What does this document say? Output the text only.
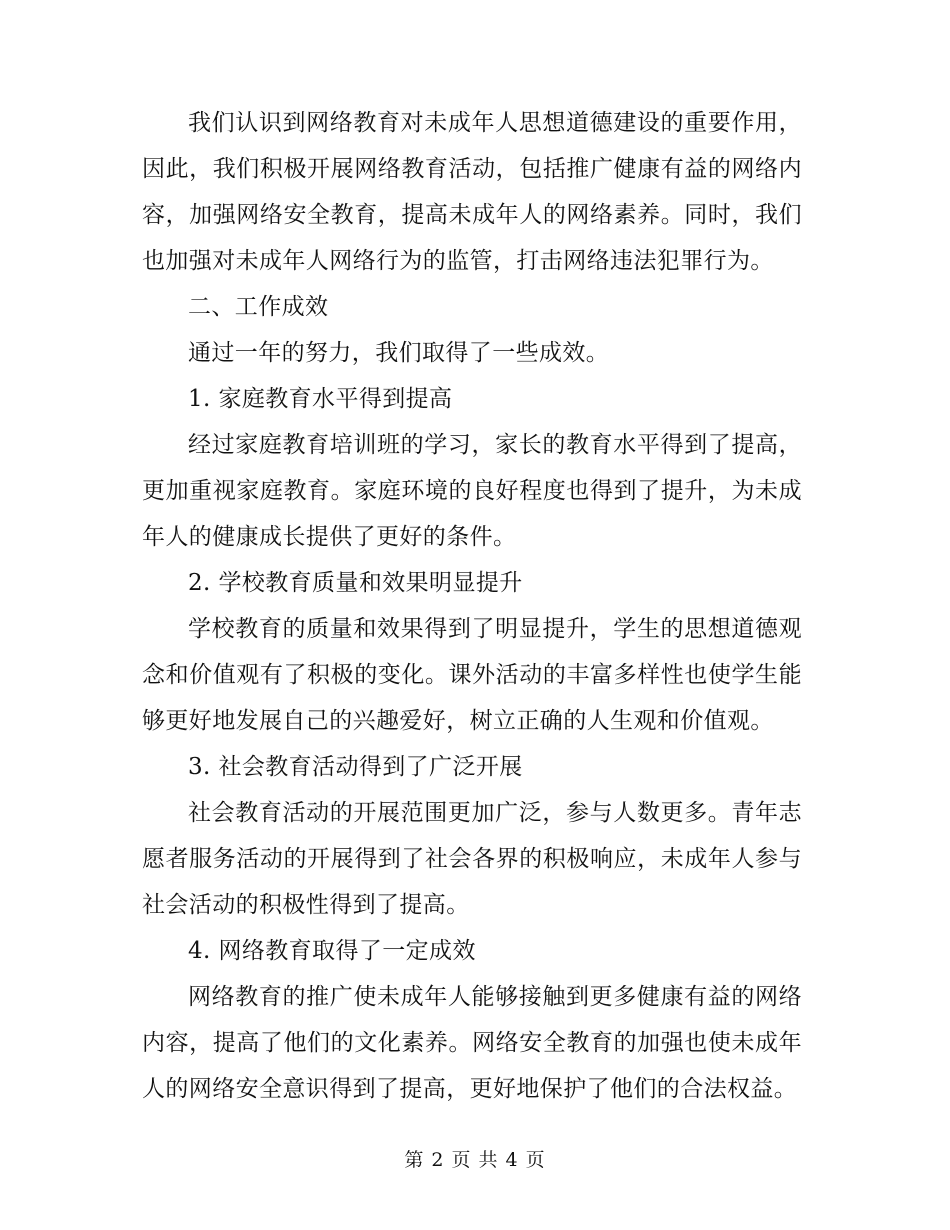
我们认识到网络教育对未成年人思想道德建设的重要作用，因此，我们积极开展网络教育活动，包括推广健康有益的网络内容，加强网络安全教育，提高未成年人的网络素养。同时，我们也加强对未成年人网络行为的监管，打击网络违法犯罪行为。

二、工作成效

通过一年的努力，我们取得了一些成效。

1. 家庭教育水平得到提高

经过家庭教育培训班的学习，家长的教育水平得到了提高，更加重视家庭教育。家庭环境的良好程度也得到了提升，为未成年人的健康成长提供了更好的条件。

2. 学校教育质量和效果明显提升

学校教育的质量和效果得到了明显提升，学生的思想道德观念和价值观有了积极的变化。课外活动的丰富多样性也使学生能够更好地发展自己的兴趣爱好，树立正确的人生观和价值观。

3. 社会教育活动得到了广泛开展

社会教育活动的开展范围更加广泛，参与人数更多。青年志愿者服务活动的开展得到了社会各界的积极响应，未成年人参与社会活动的积极性得到了提高。

4. 网络教育取得了一定成效

网络教育的推广使未成年人能够接触到更多健康有益的网络内容，提高了他们的文化素养。网络安全教育的加强也使未成年人的网络安全意识得到了提高，更好地保护了他们的合法权益。

第 2 页 共 4 页
